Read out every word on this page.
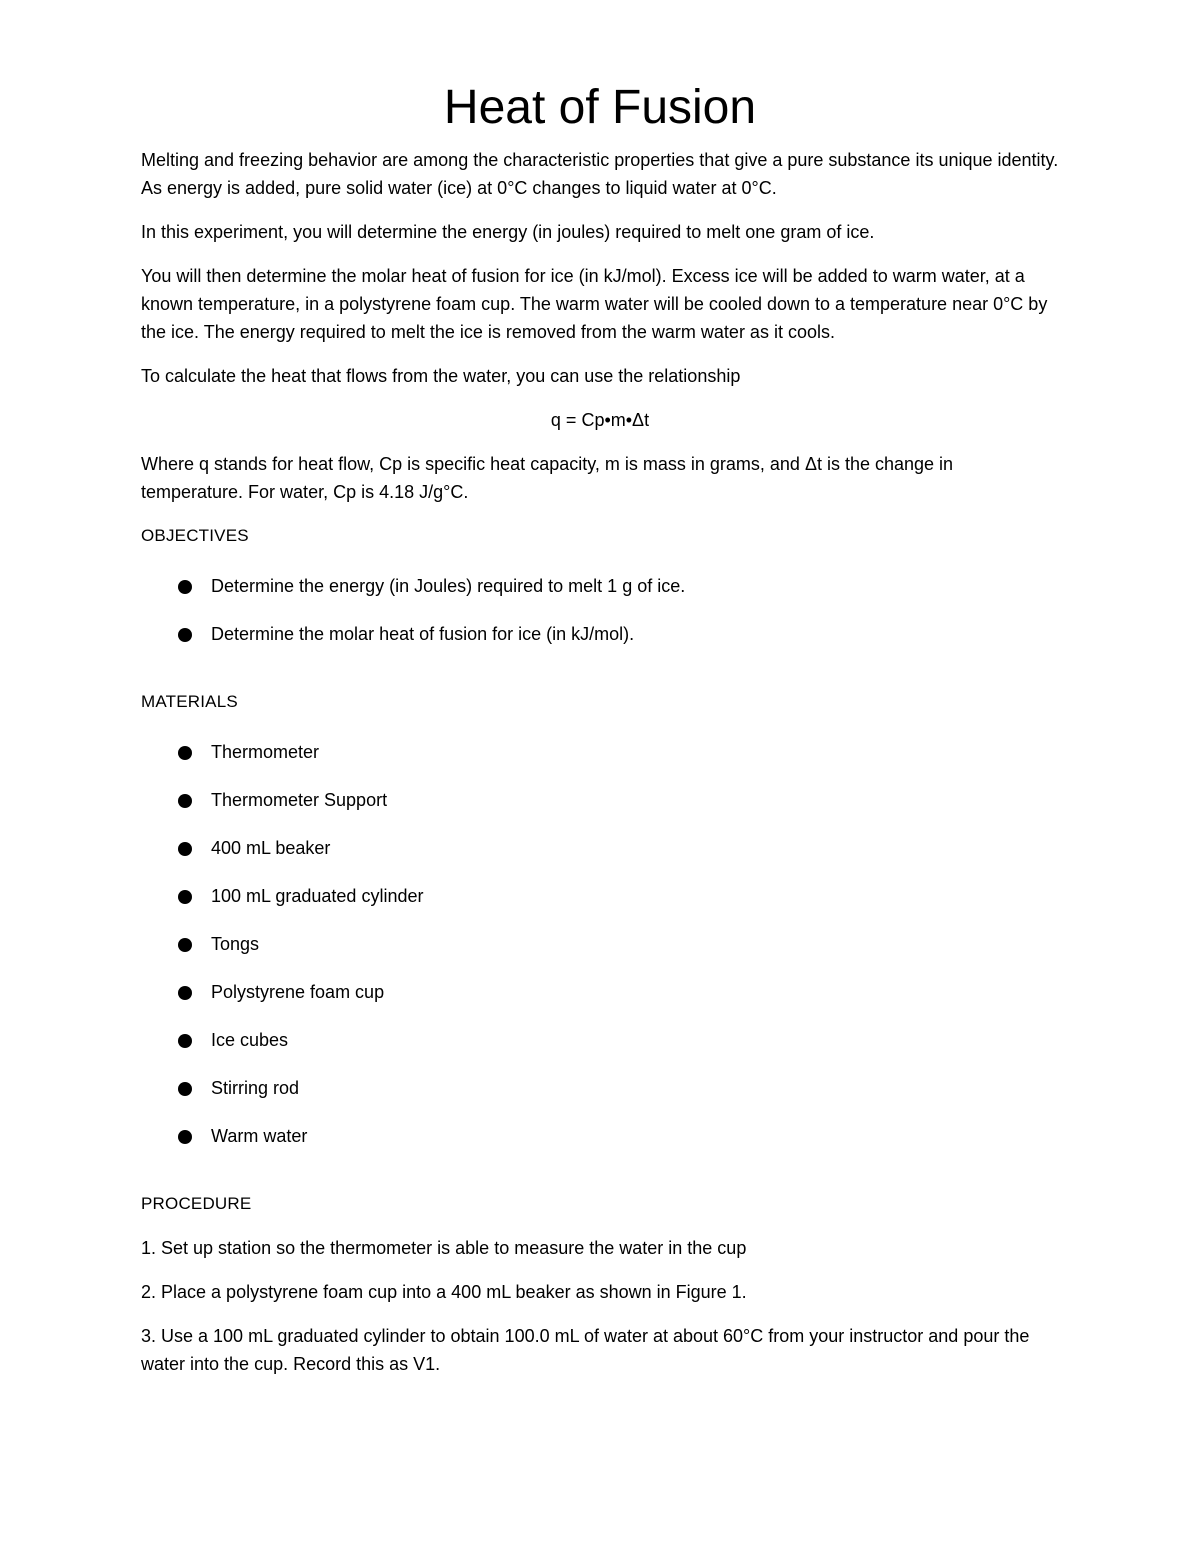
Heat of Fusion

Melting and freezing behavior are among the characteristic properties that give a pure substance its unique identity. As energy is added, pure solid water (ice) at 0°C changes to liquid water at 0°C.

In this experiment, you will determine the energy (in joules) required to melt one gram of ice.

You will then determine the molar heat of fusion for ice (in kJ/mol). Excess ice will be added to warm water, at a known temperature, in a polystyrene foam cup. The warm water will be cooled down to a temperature near 0°C by the ice. The energy required to melt the ice is removed from the warm water as it cools.

To calculate the heat that flows from the water, you can use the relationship

q = Cp•m•Δt

Where q stands for heat flow, Cp is specific heat capacity, m is mass in grams, and Δt is the change in temperature. For water, Cp is 4.18 J/g°C.

OBJECTIVES
Determine the energy (in Joules) required to melt 1 g of ice.
Determine the molar heat of fusion for ice (in kJ/mol).
MATERIALS
Thermometer
Thermometer Support
400 mL beaker
100 mL graduated cylinder
Tongs
Polystyrene foam cup
Ice cubes
Stirring rod
Warm water
PROCEDURE

1. Set up station so the thermometer is able to measure the water in the cup

2. Place a polystyrene foam cup into a 400 mL beaker as shown in Figure 1.

3. Use a 100 mL graduated cylinder to obtain 100.0 mL of water at about 60°C from your instructor and pour the water into the cup. Record this as V1.
